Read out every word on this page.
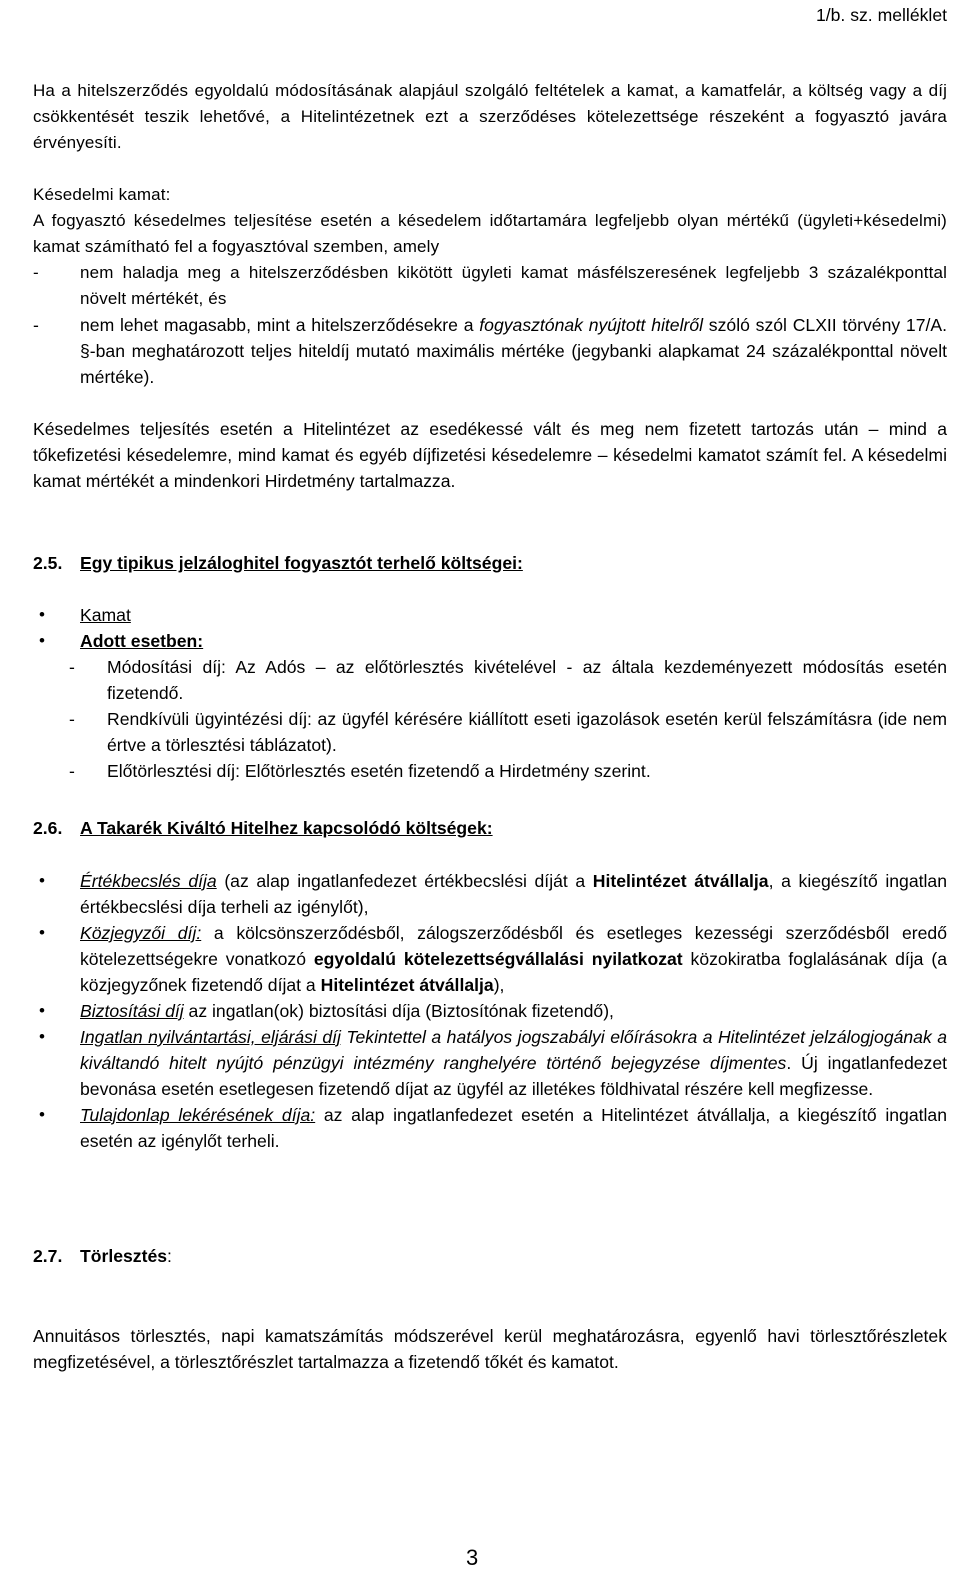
1/b. sz. melléklet

Ha a hitelszerződés egyoldalú módosításának alapjául szolgáló feltételek a kamat, a kamatfelár, a költség vagy a díj csökkentését teszik lehetővé, a Hitelintézetnek ezt a szerződéses kötelezettsége részeként a fogyasztó javára érvényesíti.

Késedelmi kamat:

A fogyasztó késedelmes teljesítése esetén a késedelem időtartamára legfeljebb olyan mértékű (ügyleti+késedelmi) kamat számítható fel a fogyasztóval szemben, amely

- nem haladja meg a hitelszerződésben kikötött ügyleti kamat másfélszeresének legfeljebb 3 százalékponttal növelt mértékét, és
- nem lehet magasabb, mint a hitelszerződésekre a fogyasztónak nyújtott hitelről szóló szól CLXII törvény 17/A. §-ban meghatározott teljes hiteldíj mutató maximális mértéke (jegybanki alapkamat 24 százalékponttal növelt mértéke).

Késedelmes teljesítés esetén a Hitelintézet az esedékessé vált és meg nem fizetett tartozás után – mind a tőkefizetési késedelemre, mind kamat és egyéb díjfizetési késedelemre – késedelmi kamatot számít fel. A késedelmi kamat mértékét a mindenkori Hirdetmény tartalmazza.

2.5. Egy tipikus jelzáloghitel fogyasztót terhelő költségei:
• Kamat
• Adott esetben:
- Módosítási díj: Az Adós – az előtörlesztés kivételével - az általa kezdeményezett módosítás esetén fizetendő.
- Rendkívüli ügyintézési díj: az ügyfél kérésére kiállított eseti igazolások esetén kerül felszámításra (ide nem értve a törlesztési táblázatot).
- Előtörlesztési díj: Előtörlesztés esetén fizetendő a Hirdetmény szerint.
2.6. A Takarék Kiváltó Hitelhez kapcsolódó költségek:
• Értékbecslés díja (az alap ingatlanfedezet értékbecslési díját a Hitelintézet átvállalja, a kiegészítő ingatlan értékbecslési díja terheli az igénylőt),
• Közjegyzői díj: a kölcsönszerződésből, zálogszerződésből és esetleges kezességi szerződésből eredő kötelezettségekre vonatkozó egyoldalú kötelezettségvállalási nyilatkozat közokiratba foglalásának díja (a közjegyzőnek fizetendő díjat a Hitelintézet átvállalja),
• Biztosítási díj az ingatlan(ok) biztosítási díja (Biztosítónak fizetendő),
• Ingatlan nyilvántartási, eljárási díj Tekintettel a hatályos jogszabályi előírásokra a Hitelintézet jelzálogjogának a kiváltandó hitelt nyújtó pénzügyi intézmény ranghelyére történő bejegyzése díjmentes. Új ingatlanfedezet bevonása esetén esetlegesen fizetendő díjat az ügyfél az illetékes földhivatal részére kell megfizesse.
• Tulajdonlap lekérésének díja: az alap ingatlanfedezet esetén a Hitelintézet átvállalja, a kiegészítő ingatlan esetén az igénylőt terheli.
2.7. Törlesztés:

Annuitásos törlesztés, napi kamatszámítás módszerével kerül meghatározásra, egyenlő havi törlesztőrészletek megfizetésével, a törlesztőrészlet tartalmazza a fizetendő tőkét és kamatot.

3
